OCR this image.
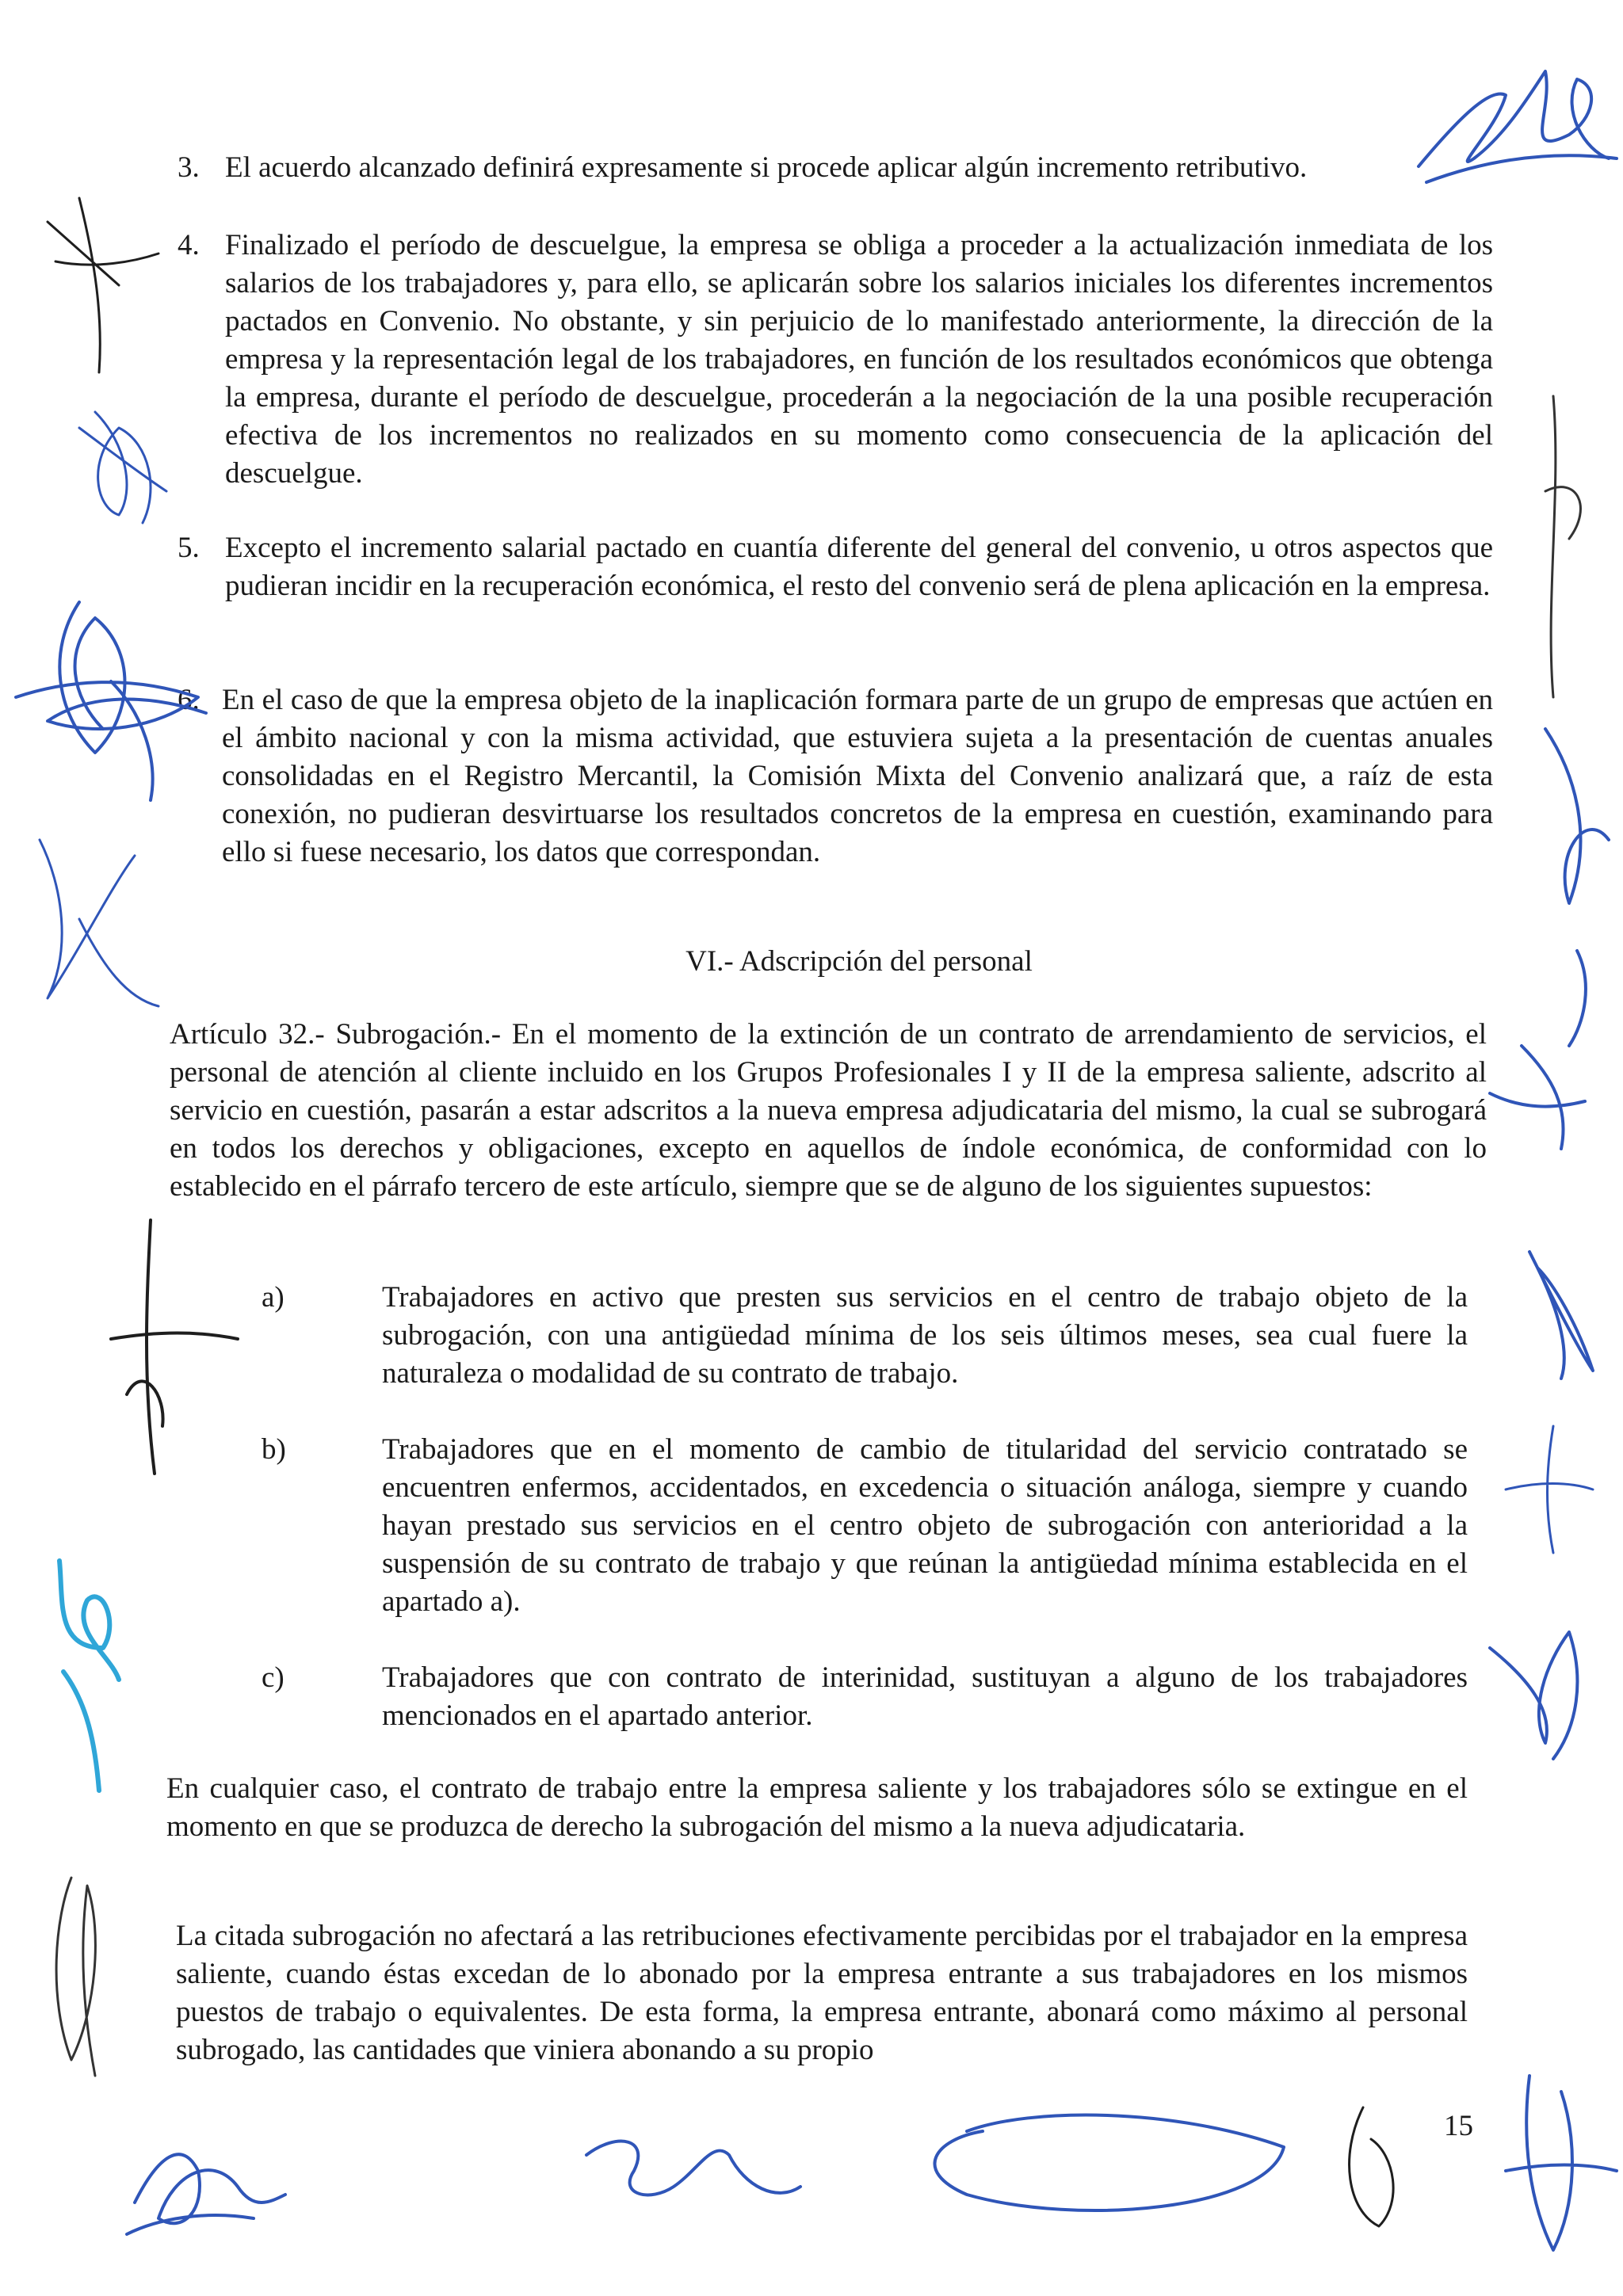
3. El acuerdo alcanzado definirá expresamente si procede aplicar algún incremento retributivo.
4. Finalizado el período de descuelgue, la empresa se obliga a proceder a la actualización inmediata de los salarios de los trabajadores y, para ello, se aplicarán sobre los salarios iniciales los diferentes incrementos pactados en Convenio. No obstante, y sin perjuicio de lo manifestado anteriormente, la dirección de la empresa y la representación legal de los trabajadores, en función de los resultados económicos que obtenga la empresa, durante el período de descuelgue, procederán a la negociación de la una posible recuperación efectiva de los incrementos no realizados en su momento como consecuencia de la aplicación del descuelgue.
5. Excepto el incremento salarial pactado en cuantía diferente del general del convenio, u otros aspectos que pudieran incidir en la recuperación económica, el resto del convenio será de plena aplicación en la empresa.
6. En el caso de que la empresa objeto de la inaplicación formara parte de un grupo de empresas que actúen en el ámbito nacional y con la misma actividad, que estuviera sujeta a la presentación de cuentas anuales consolidadas en el Registro Mercantil, la Comisión Mixta del Convenio analizará que, a raíz de esta conexión, no pudieran desvirtuarse los resultados concretos de la empresa en cuestión, examinando para ello si fuese necesario, los datos que correspondan.
VI.- Adscripción del personal
Artículo 32.- Subrogación.- En el momento de la extinción de un contrato de arrendamiento de servicios, el personal de atención al cliente incluido en los Grupos Profesionales I y II de la empresa saliente, adscrito al servicio en cuestión, pasarán a estar adscritos a la nueva empresa adjudicataria del mismo, la cual se subrogará en todos los derechos y obligaciones, excepto en aquellos de índole económica, de conformidad con lo establecido en el párrafo tercero de este artículo, siempre que se de alguno de los siguientes supuestos:
a)	Trabajadores en activo que presten sus servicios en el centro de trabajo objeto de la subrogación, con una antigüedad mínima de los seis últimos meses, sea cual fuere la naturaleza o modalidad de su contrato de trabajo.
b)	Trabajadores que en el momento de cambio de titularidad del servicio contratado se encuentren enfermos, accidentados, en excedencia o situación análoga, siempre y cuando hayan prestado sus servicios en el centro objeto de subrogación con anterioridad a la suspensión de su contrato de trabajo y que reúnan la antigüedad mínima establecida en el apartado a).
c)	Trabajadores que con contrato de interinidad, sustituyan a alguno de los trabajadores mencionados en el apartado anterior.
En cualquier caso, el contrato de trabajo entre la empresa saliente y los trabajadores sólo se extingue en el momento en que se produzca de derecho la subrogación del mismo a la nueva adjudicataria.
La citada subrogación no afectará a las retribuciones efectivamente percibidas por el trabajador en la empresa saliente, cuando éstas excedan de lo abonado por la empresa entrante a sus trabajadores en los mismos puestos de trabajo o equivalentes. De esta forma, la empresa entrante, abonará como máximo al personal subrogado, las cantidades que viniera abonando a su propio
15
